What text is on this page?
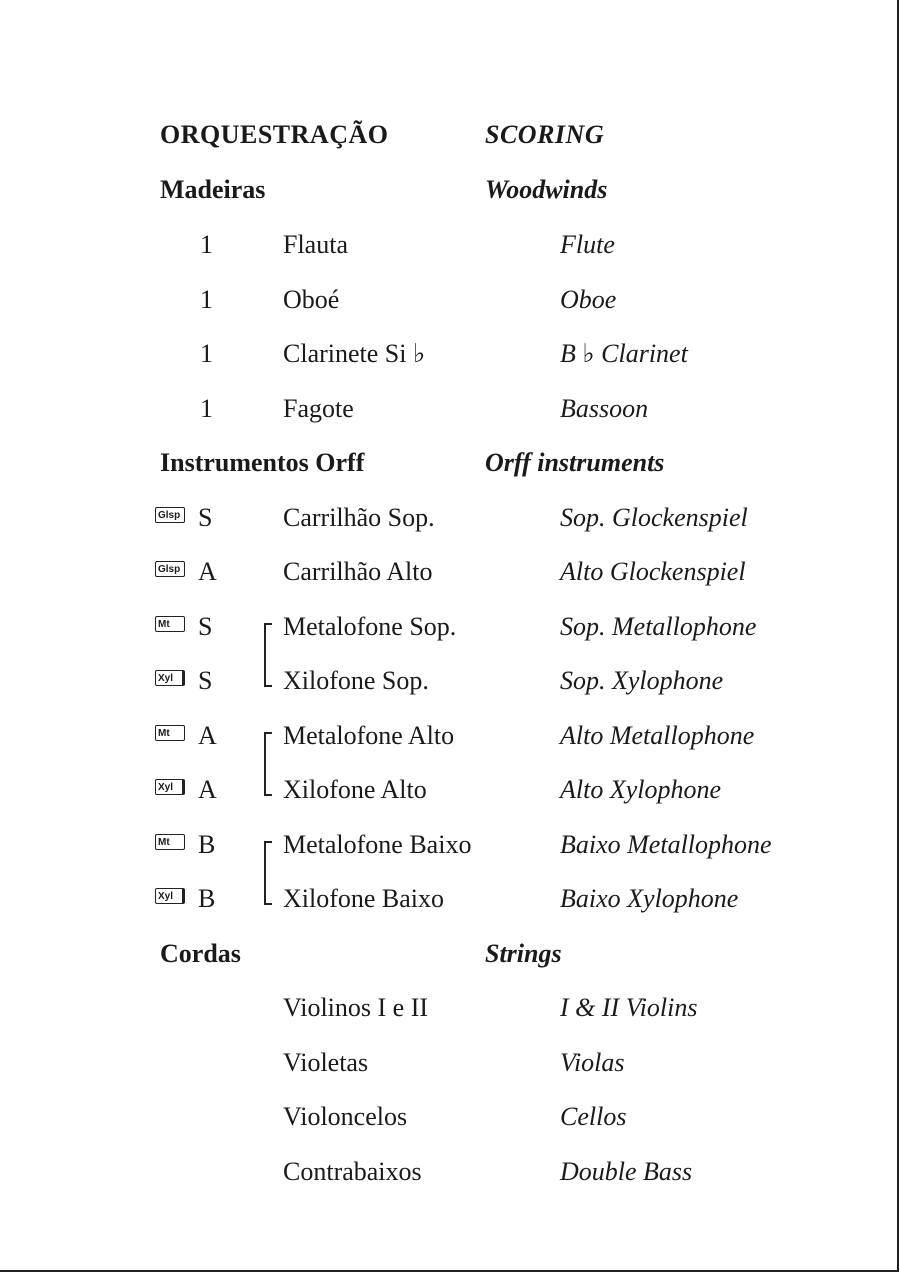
ORQUESTRAÇÃO	SCORING
Madeiras	Woodwinds
1	Flauta	Flute
1	Oboé	Oboe
1	Clarinete Si ♭	B ♭ Clarinet
1	Fagote	Bassoon
Instrumentos Orff	Orff instruments
Glsp S	Carrilhão Sop.	Sop. Glockenspiel
Glsp A	Carrilhão Alto	Alto Glockenspiel
Mt	S	Metalofone Sop.	Sop. Metallophone
Xyl S	Xilofone Sop.	Sop. Xylophone
Mt	A	Metalofone Alto	Alto Metallophone
Xyl A	Xilofone Alto	Alto Xylophone
Mt	B	Metalofone Baixo	Baixo Metallophone
Xyl B	Xilofone Baixo	Baixo Xylophone
Cordas	Strings
Violinos I e II	I & II Violins
Violetas	Violas
Violoncelos	Cellos
Contrabaixos	Double Bass
